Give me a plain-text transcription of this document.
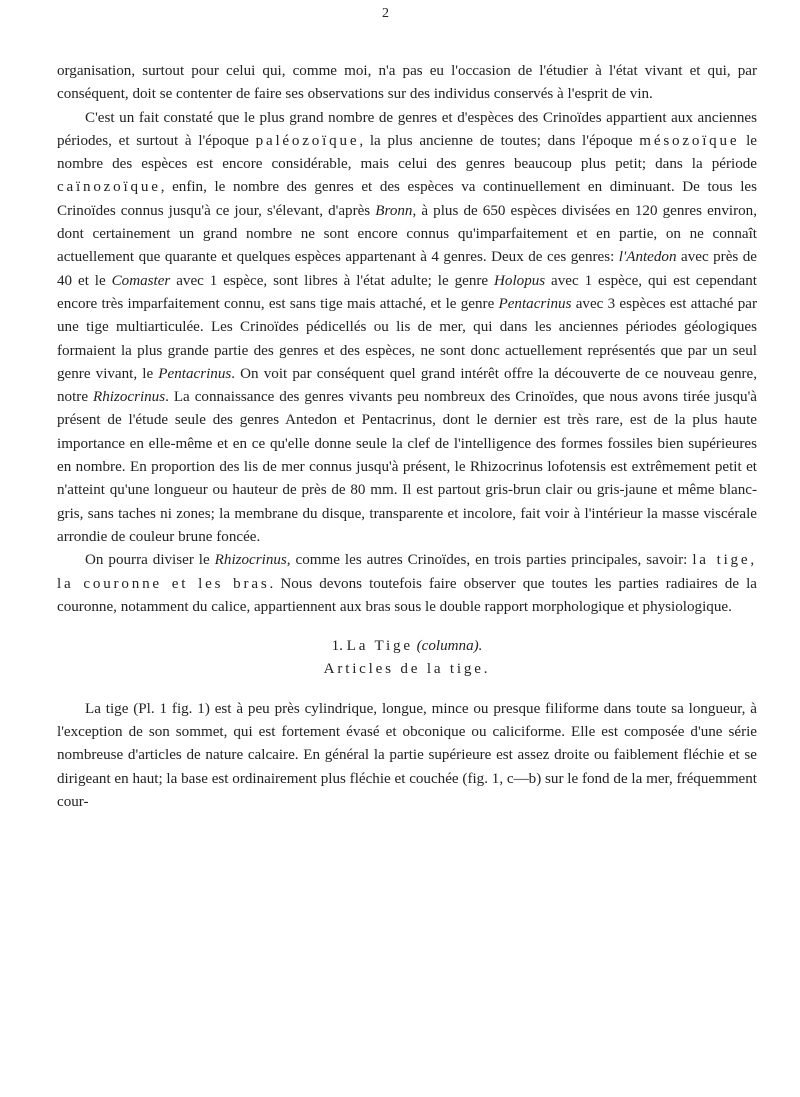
2

organisation, surtout pour celui qui, comme moi, n'a pas eu l'occasion de l'étudier à l'état vivant et qui, par conséquent, doit se contenter de faire ses observations sur des individus conservés à l'esprit de vin.

C'est un fait constaté que le plus grand nombre de genres et d'espèces des Crinoïdes appartient aux anciennes périodes, et surtout à l'époque paléozoïque, la plus ancienne de toutes; dans l'époque mésozoïque le nombre des espèces est encore considérable, mais celui des genres beaucoup plus petit; dans la période caïnozoïque, enfin, le nombre des genres et des espèces va continuellement en diminuant. De tous les Crinoïdes connus jusqu'à ce jour, s'élevant, d'après Bronn, à plus de 650 espèces divisées en 120 genres environ, dont certainement un grand nombre ne sont encore connus qu'imparfaitement et en partie, on ne connaît actuellement que quarante et quelques espèces appartenant à 4 genres. Deux de ces genres: l'Antedon avec près de 40 et le Comaster avec 1 espèce, sont libres à l'état adulte; le genre Holopus avec 1 espèce, qui est cependant encore très imparfaitement connu, est sans tige mais attaché, et le genre Pentacrinus avec 3 espèces est attaché par une tige multiarticulée. Les Crinoïdes pédicellés ou lis de mer, qui dans les anciennes périodes géologiques formaient la plus grande partie des genres et des espèces, ne sont donc actuellement représentés que par un seul genre vivant, le Pentacrinus. On voit par conséquent quel grand intérêt offre la découverte de ce nouveau genre, notre Rhizocrinus. La connaissance des genres vivants peu nombreux des Crinoïdes, que nous avons tirée jusqu'à présent de l'étude seule des genres Antedon et Pentacrinus, dont le dernier est très rare, est de la plus haute importance en elle-même et en ce qu'elle donne seule la clef de l'intelligence des formes fossiles bien supérieures en nombre. En proportion des lis de mer connus jusqu'à présent, le Rhizocrinus lofotensis est extrêmement petit et n'atteint qu'une longueur ou hauteur de près de 80 mm. Il est partout gris-brun clair ou gris-jaune et même blanc-gris, sans taches ni zones; la membrane du disque, transparente et incolore, fait voir à l'intérieur la masse viscérale arrondie de couleur brune foncée.

On pourra diviser le Rhizocrinus, comme les autres Crinoïdes, en trois parties principales, savoir: la tige, la couronne et les bras. Nous devons toutefois faire observer que toutes les parties radiaires de la couronne, notamment du calice, appartiennent aux bras sous le double rapport morphologique et physiologique.

1. La Tige (columna).

Articles de la tige.

La tige (Pl. 1 fig. 1) est à peu près cylindrique, longue, mince ou presque filiforme dans toute sa longueur, à l'exception de son sommet, qui est fortement évasé et obconique ou caliciforme. Elle est composée d'une série nombreuse d'articles de nature calcaire. En général la partie supérieure est assez droite ou faiblement fléchie et se dirigeant en haut; la base est ordinairement plus fléchie et couchée (fig. 1, c—b) sur le fond de la mer, fréquemment cour-
